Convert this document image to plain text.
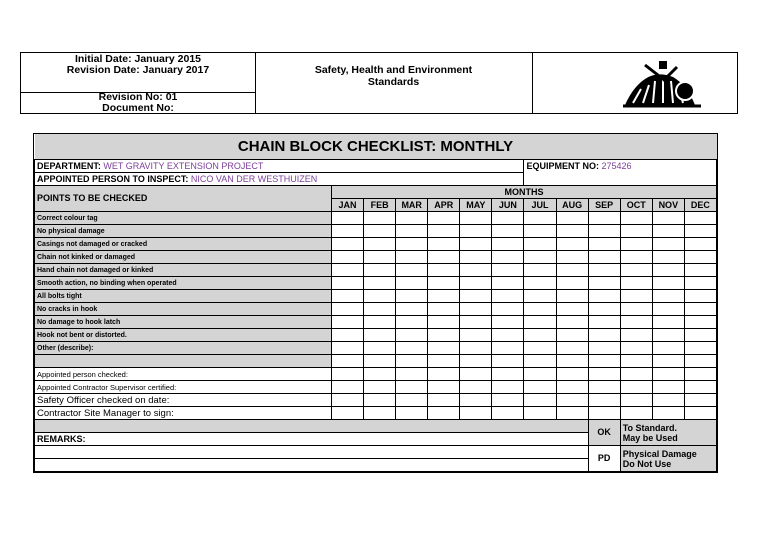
Initial Date: January 2015
Revision Date: January 2017
Revision No: 01
Document No:
Safety, Health and Environment
Standards
CHAIN BLOCK CHECKLIST: MONTHLY												
DEPARTMENT: WET GRAVITY EXTENSION PROJECT							EQUIPMENT NO: 275426					
APPOINTED PERSON TO INSPECT: NICO VAN DER WESTHUIZEN												
POINTS TO BE CHECKED	MONTHS											
	JAN	FEB	MAR	APR	MAY	JUN	JUL	AUG	SEP	OCT	NOV	DEC
Correct colour tag												
No physical damage												
Casings not damaged or cracked												
Chain not kinked or damaged												
Hand chain not damaged or kinked												
Smooth action, no binding when operated												
All bolts tight												
No cracks in hook												
No damage to hook latch												
Hook not bent or distorted.												
Other (describe):												

Appointed person checked:												
Appointed Contractor Supervisor certified:												
Safety Officer checked on date:												
Contractor Site Manager to sign:												
									OK	To Standard.
May be Used		
REMARKS:												
									PD	Physical Damage
Do Not Use		
